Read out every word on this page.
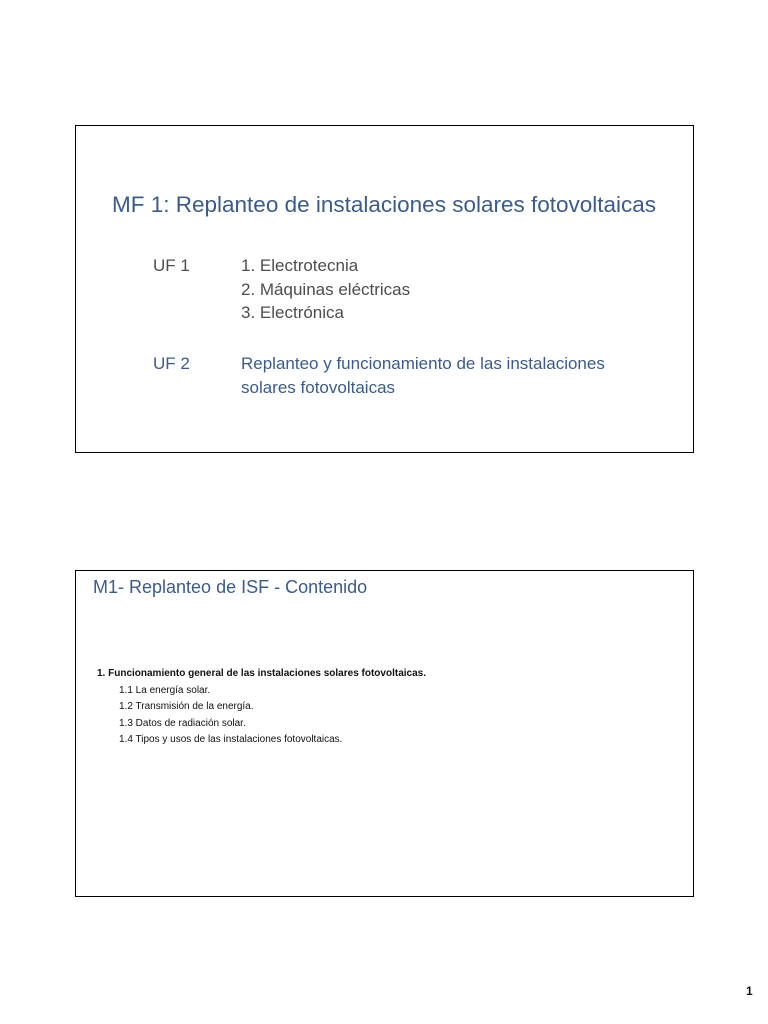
MF 1: Replanteo de instalaciones solares fotovoltaicas
UF 1	1. Electrotecnia
2. Máquinas eléctricas
3. Electrónica
UF 2	Replanteo y funcionamiento de las instalaciones
solares fotovoltaicas
M1- Replanteo de ISF - Contenido
1. Funcionamiento general de las instalaciones solares fotovoltaicas.
1.1 La energía solar.
1.2 Transmisión de la energía.
1.3 Datos de radiación solar.
1.4 Tipos y usos de las instalaciones fotovoltaicas.
1
